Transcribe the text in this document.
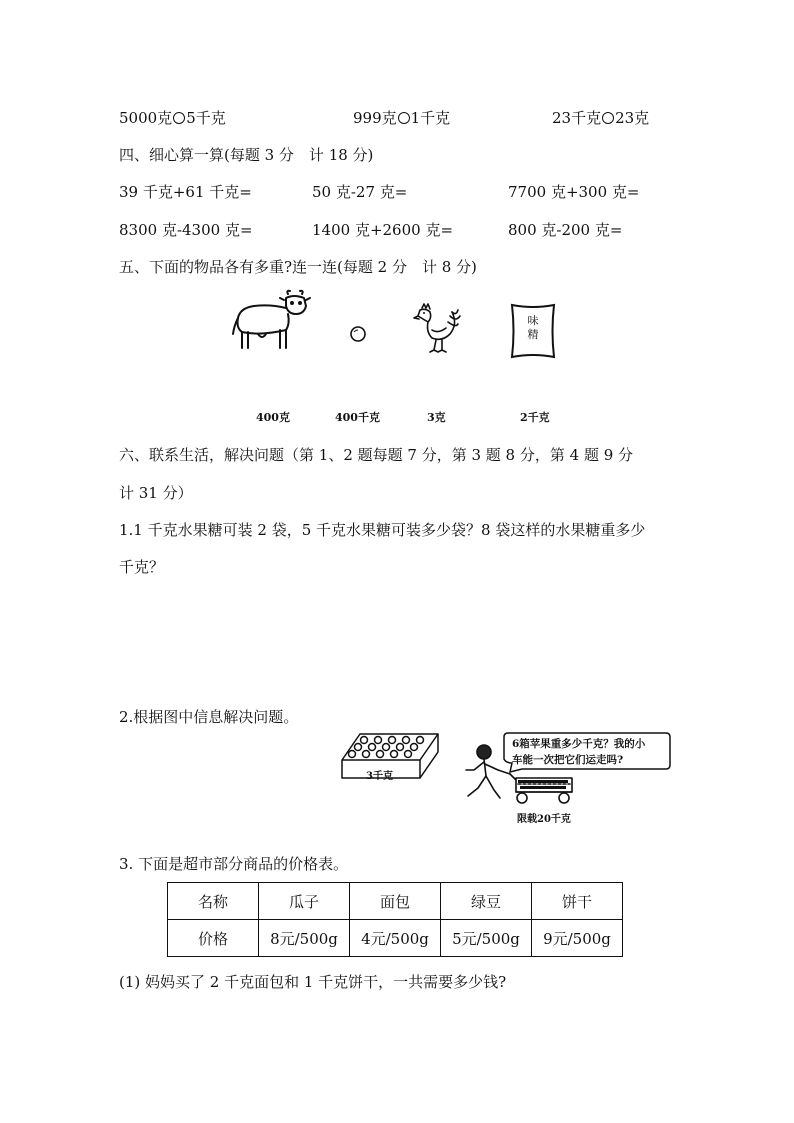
5000克 5千克	999克 1千克	23千克 23克
四、细心算一算(每题 3 分　计 18 分)
39 千克+61 千克=	50 克-27 克=	7700 克+300 克=
8300 克-4300 克=	1400 克+2600 克=	800 克-200 克=
五、下面的物品各有多重?连一连(每题 2 分　计 8 分)
味精
400克	400千克	3克	2千克
六、联系生活，解决问题（第 1、2 题每题 7 分，第 3 题 8 分，第 4 题 9 分
计 31 分）
1.1 千克水果糖可装 2 袋，5 千克水果糖可装多少袋？8 袋这样的水果糖重多少
千克？
2.根据图中信息解决问题。
3千克
6箱苹果重多少千克？我的小
车能一次把它们运走吗?
限载20千克
3. 下面是超市部分商品的价格表。
名称	瓜子	面包	绿豆	饼干
价格	8元/500g	4元/500g	5元/500g	9元/500g
(1) 妈妈买了 2 千克面包和 1 千克饼干，一共需要多少钱?
